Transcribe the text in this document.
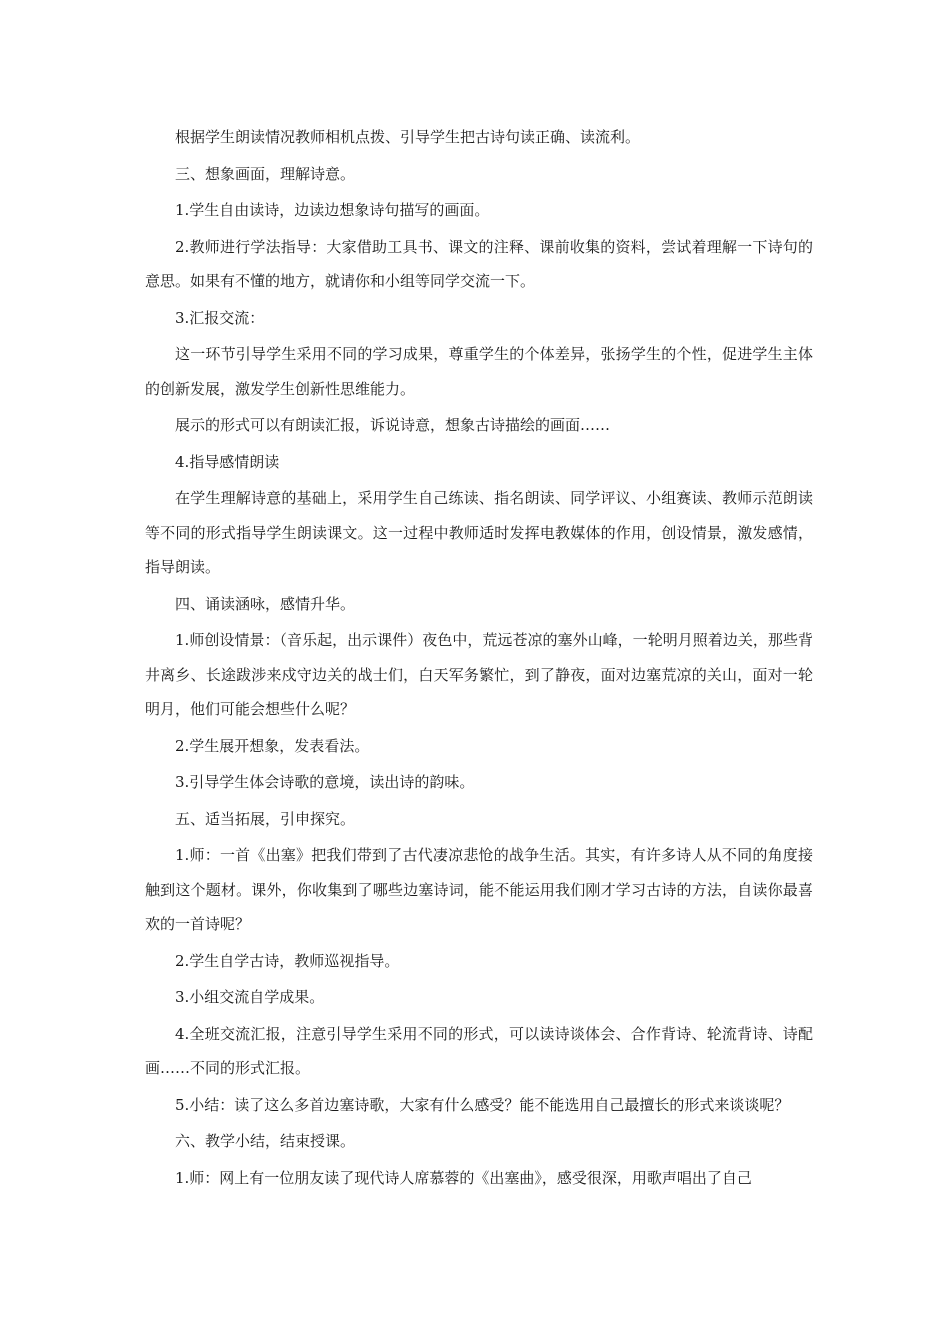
根据学生朗读情况教师相机点拨、引导学生把古诗句读正确、读流利。

三、想象画面，理解诗意。

1.学生自由读诗，边读边想象诗句描写的画面。

2.教师进行学法指导：大家借助工具书、课文的注释、课前收集的资料，尝试着理解一下诗句的意思。如果有不懂的地方，就请你和小组等同学交流一下。

3.汇报交流：

这一环节引导学生采用不同的学习成果，尊重学生的个体差异，张扬学生的个性，促进学生主体的创新发展，激发学生创新性思维能力。

展示的形式可以有朗读汇报，诉说诗意，想象古诗描绘的画面……

4.指导感情朗读

在学生理解诗意的基础上，采用学生自己练读、指名朗读、同学评议、小组赛读、教师示范朗读等不同的形式指导学生朗读课文。这一过程中教师适时发挥电教媒体的作用，创设情景，激发感情，指导朗读。

四、诵读涵咏，感情升华。

1.师创设情景：（音乐起，出示课件）夜色中，荒远苍凉的塞外山峰，一轮明月照着边关，那些背井离乡、长途跋涉来戍守边关的战士们，白天军务繁忙，到了静夜，面对边塞荒凉的关山，面对一轮明月，他们可能会想些什么呢？

2.学生展开想象，发表看法。

3.引导学生体会诗歌的意境，读出诗的韵味。

五、适当拓展，引申探究。

1.师：一首《出塞》把我们带到了古代凄凉悲怆的战争生活。其实，有许多诗人从不同的角度接触到这个题材。课外，你收集到了哪些边塞诗词，能不能运用我们刚才学习古诗的方法，自读你最喜欢的一首诗呢？

2.学生自学古诗，教师巡视指导。

3.小组交流自学成果。

4.全班交流汇报，注意引导学生采用不同的形式，可以读诗谈体会、合作背诗、轮流背诗、诗配画……不同的形式汇报。

5.小结：读了这么多首边塞诗歌，大家有什么感受？能不能选用自己最擅长的形式来谈谈呢？

六、教学小结，结束授课。

1.师：网上有一位朋友读了现代诗人席慕蓉的《出塞曲》，感受很深，用歌声唱出了自己
